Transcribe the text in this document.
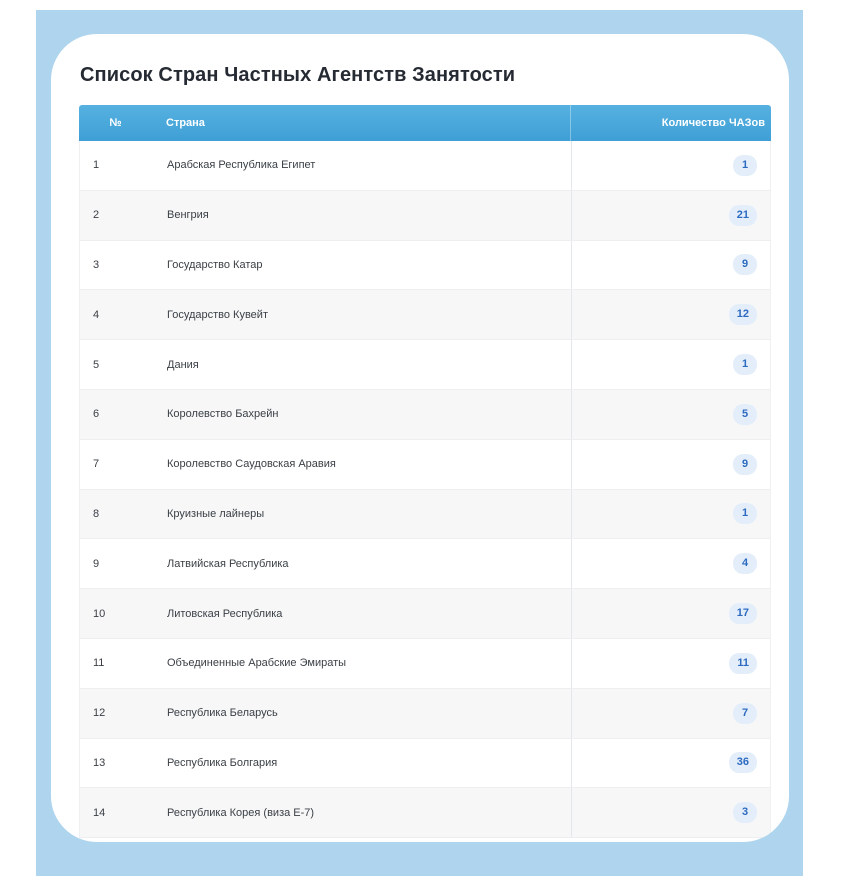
Список Стран Частных Агентств Занятости
№	Страна	Количество ЧАЗов
1	Арабская Республика Египет	1
2	Венгрия	21
3	Государство Катар	9
4	Государство Кувейт	12
5	Дания	1
6	Королевство Бахрейн	5
7	Королевство Саудовская Аравия	9
8	Круизные лайнеры	1
9	Латвийская Республика	4
10	Литовская Республика	17
11	Объединенные Арабские Эмираты	11
12	Республика Беларусь	7
13	Республика Болгария	36
14	Республика Корея (виза Е-7)	3
